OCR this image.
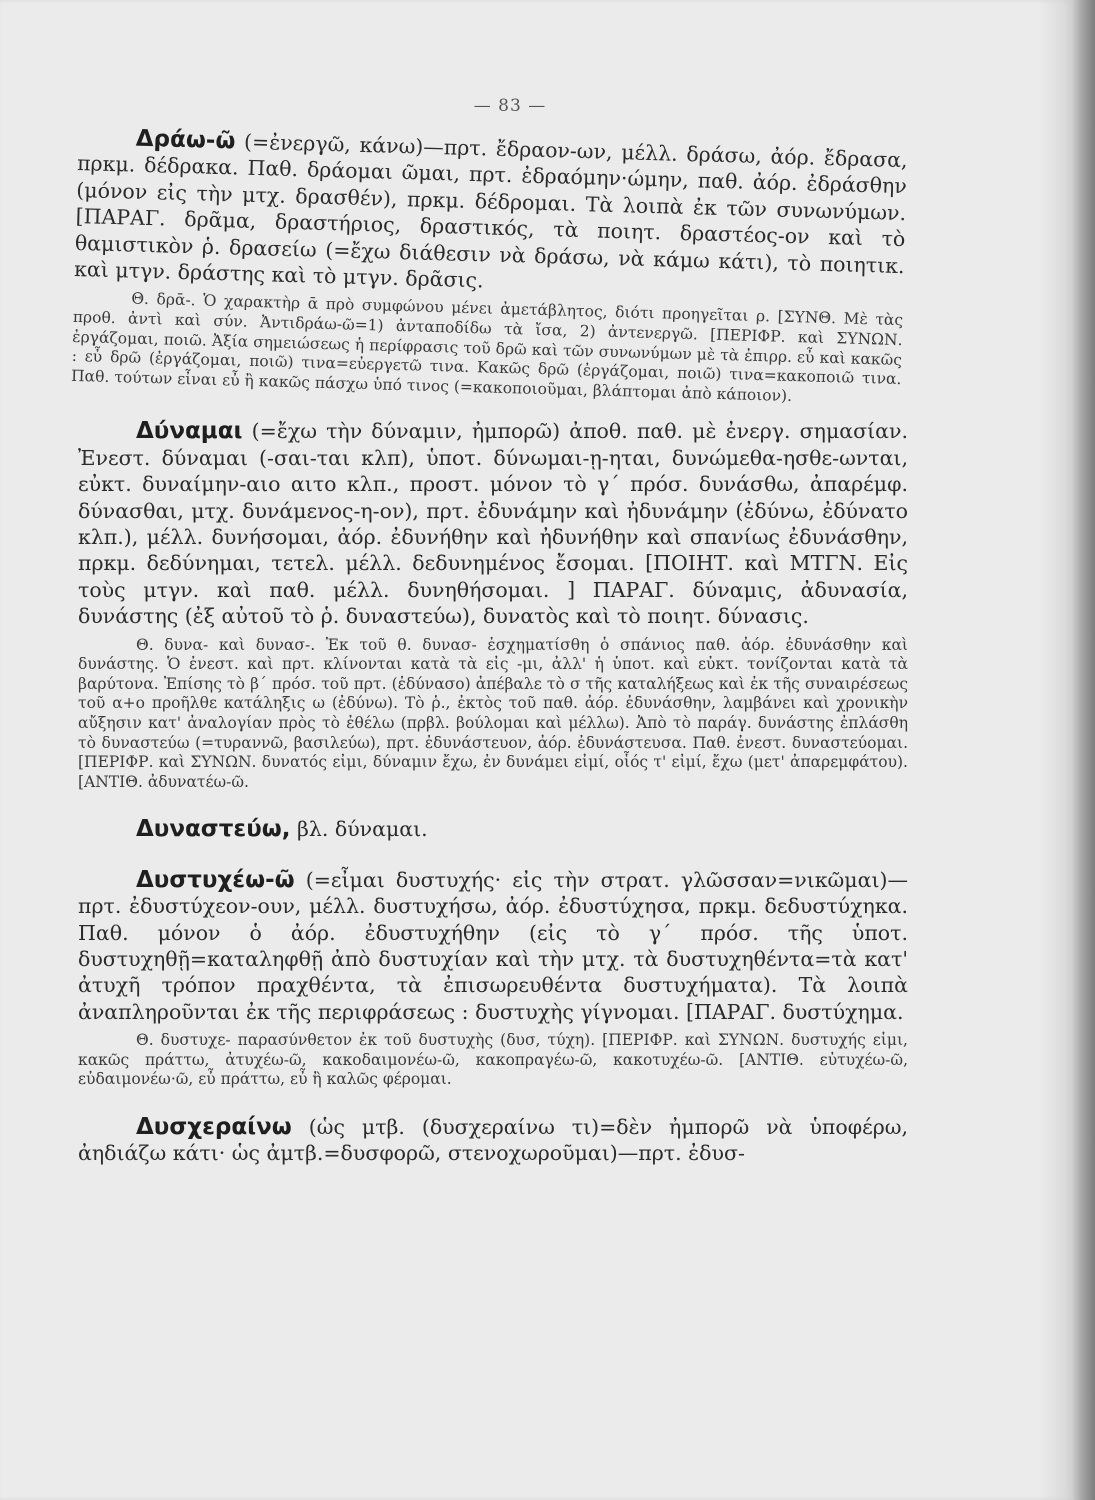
— 83 —

Δράω-ῶ (=ἐνεργῶ, κάνω)—πρτ. ἔδραον-ων, μέλλ. δράσω, ἀόρ. ἔδρασα, πρκμ. δέδρακα. Παθ. δράομαι ῶμαι, πρτ. ἐδραόμην·ώμην, παθ. ἀόρ. ἐδράσθην (μόνον εἰς τὴν μτχ. δρασθέν), πρκμ. δέδρομαι. Τὰ λοιπὰ ἐκ τῶν συνωνύμων. [ΠΑΡΑΓ. δρᾶμα, δραστήριος, δραστικός, τὰ ποιητ. δραστέος-ον καὶ τὸ θαμιστικὸν ῥ. δρασείω (=ἔχω διάθεσιν νὰ δράσω, νὰ κάμω κάτι), τὸ ποιητικ. καὶ μτγν. δράστης καὶ τὸ μτγν. δρᾶσις.

Θ. δρᾱ-. Ὁ χαρακτὴρ ᾱ πρὸ συμφώνου μένει ἀμετάβλητος, διότι προηγεῖται ρ. [ΣΥΝΘ. Μὲ τὰς προθ. ἀντὶ καὶ σύν. Ἀντιδράω-ῶ=1) ἀνταποδίδω τὰ ἴσα, 2) ἀντενεργῶ. [ΠΕΡΙΦΡ. καὶ ΣΥΝΩΝ. ἐργάζομαι, ποιῶ. Ἀξία σημειώσεως ἡ περίφρασις τοῦ δρῶ καὶ τῶν συνωνύμων μὲ τὰ ἐπιρρ. εὖ καὶ κακῶς : εὖ δρῶ (ἐργάζομαι, ποιῶ) τινα=εὐεργετῶ τινα. Κακῶς δρῶ (ἐργάζομαι, ποιῶ) τινα=κακοποιῶ τινα. Παθ. τούτων εἶναι εὖ ἢ κακῶς πάσχω ὑπό τινος (=κακοποιοῦμαι, βλάπτομαι ἀπὸ κάποιον).

Δύναμαι (=ἔχω τὴν δύναμιν, ἠμπορῶ) ἀποθ. παθ. μὲ ἐνεργ. σημασίαν. Ἐνεστ. δύναμαι (-σαι-ται κλπ), ὑποτ. δύνωμαι-ῃ-ηται, δυνώμεθα-ησθε-ωνται, εὐκτ. δυναίμην-αιο αιτο κλπ., προστ. μόνον τὸ γ΄ πρόσ. δυνάσθω, ἀπαρέμφ. δύνασθαι, μτχ. δυνάμενος-η-ον), πρτ. ἐδυνάμην καὶ ἠδυνάμην (ἐδύνω, ἐδύνατο κλπ.), μέλλ. δυνήσομαι, ἀόρ. ἐδυνήθην καὶ ἠδυνήθην καὶ σπανίως ἐδυνάσθην, πρκμ. δεδύνημαι, τετελ. μέλλ. δεδυνημένος ἔσομαι. [ΠΟΙΗΤ. καὶ ΜΤΓΝ. Εἰς τοὺς μτγν. καὶ παθ. μέλλ. δυνηθήσομαι. ] ΠΑΡΑΓ. δύναμις, ἀδυνασία, δυνάστης (ἐξ αὐτοῦ τὸ ῥ. δυναστεύω), δυνατὸς καὶ τὸ ποιητ. δύνασις.

Θ. δυνα- καὶ δυνασ-. Ἐκ τοῦ θ. δυνασ- ἐσχηματίσθη ὁ σπάνιος παθ. ἀόρ. ἐδυνάσθην καὶ δυνάστης. Ὁ ἐνεστ. καὶ πρτ. κλίνονται κατὰ τὰ εἰς -μι, ἀλλ' ἡ ὑποτ. καὶ εὐκτ. τονίζονται κατὰ τὰ βαρύτονα. Ἐπίσης τὸ β΄ πρόσ. τοῦ πρτ. (ἐδύνασο) ἀπέβαλε τὸ σ τῆς καταλήξεως καὶ ἐκ τῆς συναιρέσεως τοῦ α+ο προῆλθε κατάληξις ω (ἐδύνω). Τὸ ῥ., ἐκτὸς τοῦ παθ. ἀόρ. ἐδυνάσθην, λαμβάνει καὶ χρονικὴν αὔξησιν κατ' ἀναλογίαν πρὸς τὸ ἐθέλω (πρβλ. βούλομαι καὶ μέλλω). Ἀπὸ τὸ παράγ. δυνάστης ἐπλάσθη τὸ δυναστεύω (=τυραννῶ, βασιλεύω), πρτ. ἐδυνάστευον, ἀόρ. ἐδυνάστευσα. Παθ. ἐνεστ. δυναστεύομαι. [ΠΕΡΙΦΡ. καὶ ΣΥΝΩΝ. δυνατός εἰμι, δύναμιν ἔχω, ἐν δυνάμει εἰμί, οἷός τ' εἰμί, ἔχω (μετ' ἀπαρεμφάτου). [ΑΝΤΙΘ. ἀδυνατέω-ῶ.

Δυναστεύω, βλ. δύναμαι.

Δυστυχέω-ῶ (=εἶμαι δυστυχής· εἰς τὴν στρατ. γλῶσσαν=νικῶμαι)—πρτ. ἐδυστύχεον-ουν, μέλλ. δυστυχήσω, ἀόρ. ἐδυστύχησα, πρκμ. δεδυστύχηκα. Παθ. μόνον ὁ ἀόρ. ἐδυστυχήθην (εἰς τὸ γ΄ πρόσ. τῆς ὑποτ. δυστυχηθῇ=καταληφθῇ ἀπὸ δυστυχίαν καὶ τὴν μτχ. τὰ δυστυχηθέντα=τὰ κατ' ἀτυχῆ τρόπον πραχθέντα, τὰ ἐπισωρευθέντα δυστυχήματα). Τὰ λοιπὰ ἀναπληροῦνται ἐκ τῆς περιφράσεως : δυστυχὴς γίγνομαι. [ΠΑΡΑΓ. δυστύχημα.

Θ. δυστυχε- παρασύνθετον ἐκ τοῦ δυστυχὴς (δυσ, τύχη). [ΠΕΡΙΦΡ. καὶ ΣΥΝΩΝ. δυστυχής εἰμι, κακῶς πράττω, ἀτυχέω-ῶ, κακοδαιμονέω-ῶ, κακοπραγέω-ῶ, κακοτυχέω-ῶ. [ΑΝΤΙΘ. εὐτυχέω-ῶ, εὐδαιμονέω·ῶ, εὖ πράττω, εὖ ἢ καλῶς φέρομαι.

Δυσχεραίνω (ὡς μτβ. (δυσχεραίνω τι)=δὲν ἠμπορῶ νὰ ὑποφέρω, ἀηδιάζω κάτι· ὡς ἀμτβ.=δυσφορῶ, στενοχωροῦμαι)—πρτ. ἐδυσ-
